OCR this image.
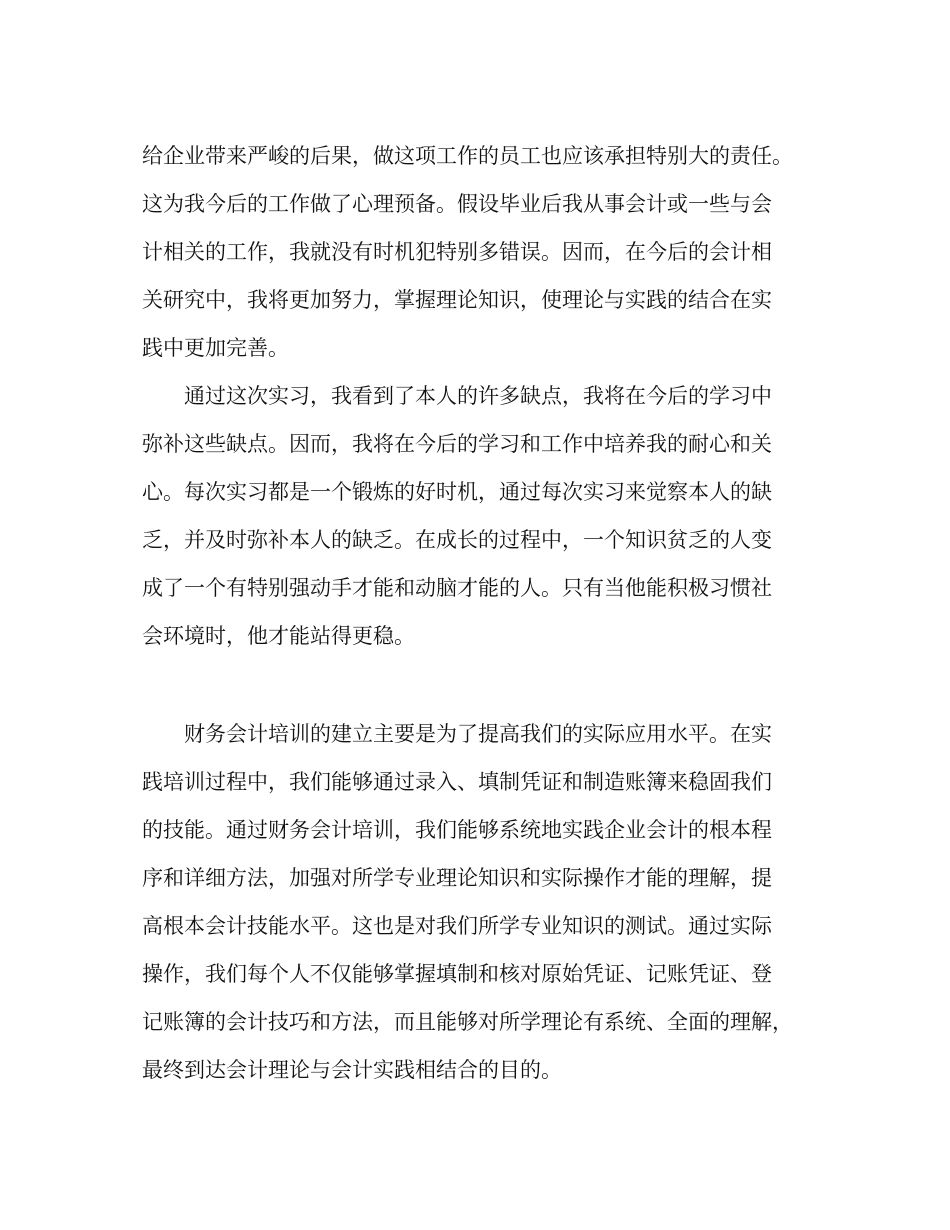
给企业带来严峻的后果，做这项工作的员工也应该承担特别大的责任。
这为我今后的工作做了心理预备。假设毕业后我从事会计或一些与会
计相关的工作，我就没有时机犯特别多错误。因而，在今后的会计相
关研究中，我将更加努力，掌握理论知识，使理论与实践的结合在实
践中更加完善。
通过这次实习，我看到了本人的许多缺点，我将在今后的学习中
弥补这些缺点。因而，我将在今后的学习和工作中培养我的耐心和关
心。每次实习都是一个锻炼的好时机，通过每次实习来觉察本人的缺
乏，并及时弥补本人的缺乏。在成长的过程中，一个知识贫乏的人变
成了一个有特别强动手才能和动脑才能的人。只有当他能积极习惯社
会环境时，他才能站得更稳。
财务会计培训的建立主要是为了提高我们的实际应用水平。在实
践培训过程中，我们能够通过录入、填制凭证和制造账簿来稳固我们
的技能。通过财务会计培训，我们能够系统地实践企业会计的根本程
序和详细方法，加强对所学专业理论知识和实际操作才能的理解，提
高根本会计技能水平。这也是对我们所学专业知识的测试。通过实际
操作，我们每个人不仅能够掌握填制和核对原始凭证、记账凭证、登
记账簿的会计技巧和方法，而且能够对所学理论有系统、全面的理解，
最终到达会计理论与会计实践相结合的目的。
